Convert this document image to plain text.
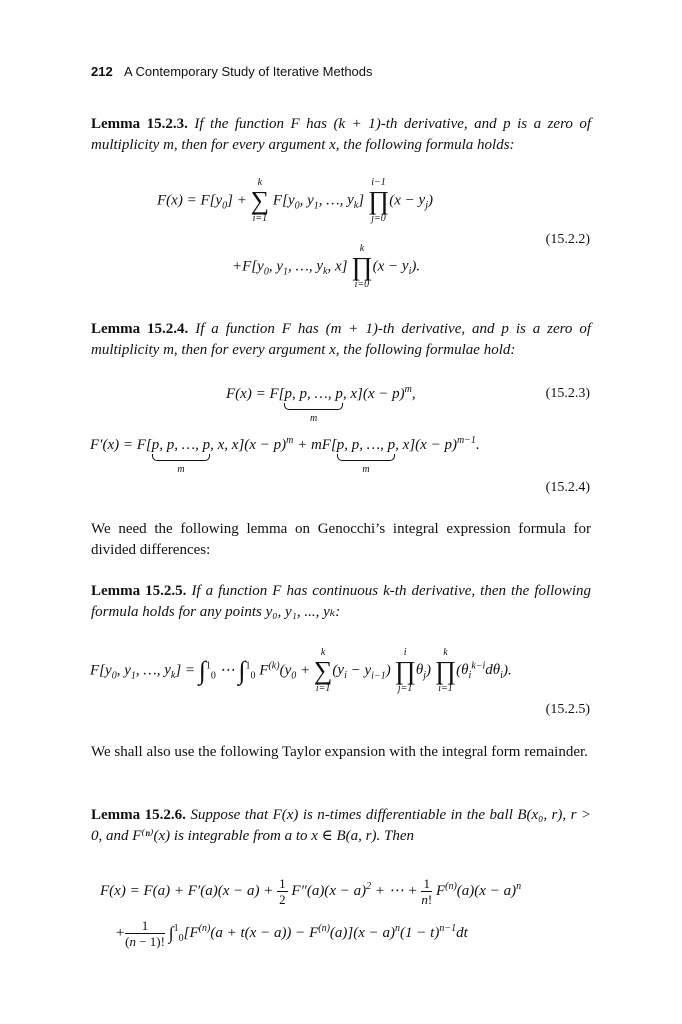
212 A Contemporary Study of Iterative Methods
Lemma 15.2.3. If the function F has (k + 1)-th derivative, and p is a zero of multiplicity m, then for every argument x, the following formula holds:
$F(x) = F[y_0]$ +
k
∑
i=1
$F[y_0$, $y_1$, …, $y_k$]
i−1
∏
j=0
$(x - y_j)$
(15.2.2)
$+F[y_0$, $y_1$, …, $y_k$, x]
k
∏
i=0
$(x - y_i)$.
Lemma 15.2.4. If a function F has (m + 1)-th derivative, and p is a zero of multiplicity m, then for every argument x, the following formulae hold:
F(x) = F[p, p, …, p
m
, $x](x - p)^m$,	(15.2.3)
F′(x) = F[p, p, …, p
m
, x, $x](x - p)^m + mF[p$, p, …, p
m
, $x](x - p)^{m-1}$.
(15.2.4)
We need the following lemma on Genocchi’s integral expression formula for divided differences:
Lemma 15.2.5. If a function F has continuous k-th derivative, then the following formula holds for any points y₀, y₁, ..., yₖ:
$F[y_0$, $y_1$, …, $y_k] = \int^1_0$ ⋯ ∫$^1_0$ $F^{(k)}(y_0$ +
k
∑
i=1
$(y_i - y_{i-1})$
i
∏
j=1
$\theta_j$)
k
∏
i=1
$(\theta_i^{k-i}d\theta_i)$.
(15.2.5)
We shall also use the following Taylor expansion with the integral form remainder.
Lemma 15.2.6. Suppose that F(x) is n-times differentiable in the ball B(x₀, r), r > 0, and F⁽ⁿ⁾(x) is integrable from a to x ∈ B(a, r). Then
$F(x) = F(a) + F'(a)(x - a) + \frac{1}{2} F''(a)(x - a)^2$ + ⋯ + $\frac{1}{n!} F^{(n)}(a)(x - a)^n$
+ $\frac{1}{(n - 1)!} \int^1_0[F^{(n)}(a + t(x - a)) - F^{(n)}(a)](x - a)^n(1 - t)^{n-1}dt$
